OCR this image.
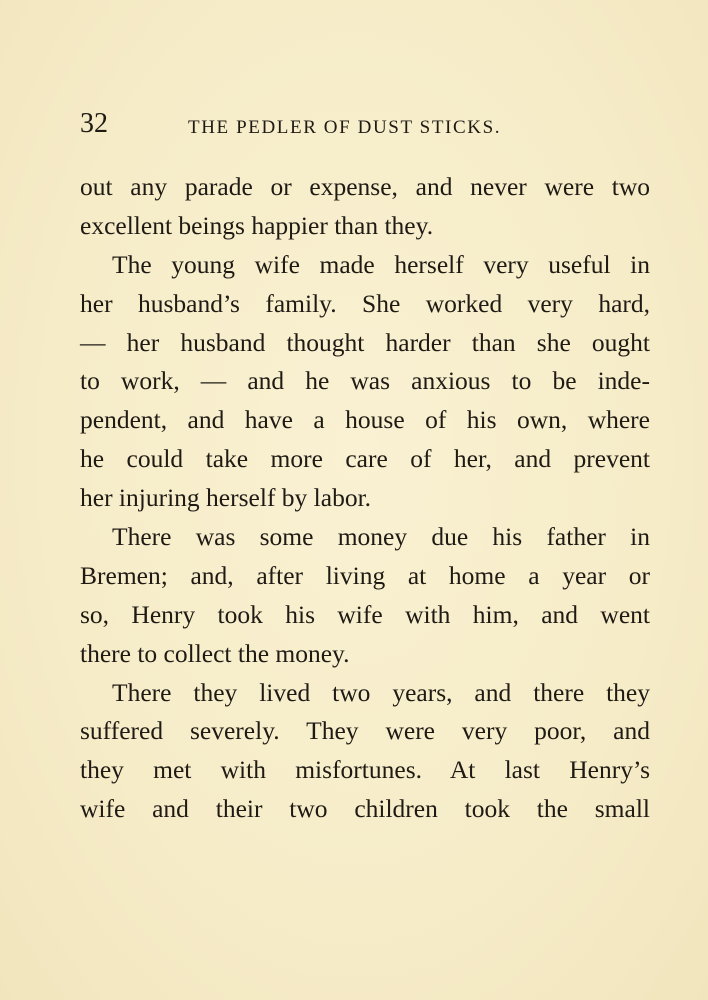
32	THE PEDLER OF DUST STICKS.
out any parade or expense, and never were two
excellent beings happier than they.
The young wife made herself very useful in
her husband’s family. She worked very hard,
— her husband thought harder than she ought
to work, — and he was anxious to be inde-
pendent, and have a house of his own, where
he could take more care of her, and prevent
her injuring herself by labor.
There was some money due his father in
Bremen; and, after living at home a year or
so, Henry took his wife with him, and went
there to collect the money.
There they lived two years, and there they
suffered severely. They were very poor, and
they met with misfortunes. At last Henry’s
wife and their two children took the small
